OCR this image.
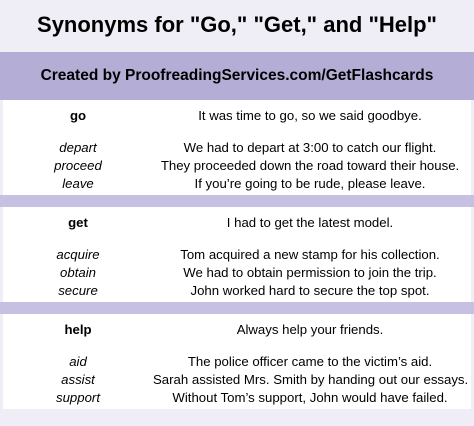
Synonyms for "Go," "Get," and "Help"
Created by ProofreadingServices.com/GetFlashcards
go	It was time to go, so we said goodbye.
depart	We had to depart at 3:00 to catch our flight.
proceed	They proceeded down the road toward their house.
leave	If you’re going to be rude, please leave.
get	I had to get the latest model.
acquire	Tom acquired a new stamp for his collection.
obtain	We had to obtain permission to join the trip.
secure	John worked hard to secure the top spot.
help	Always help your friends.
aid	The police officer came to the victim’s aid.
assist	Sarah assisted Mrs. Smith by handing out our essays.
support	Without Tom’s support, John would have failed.
